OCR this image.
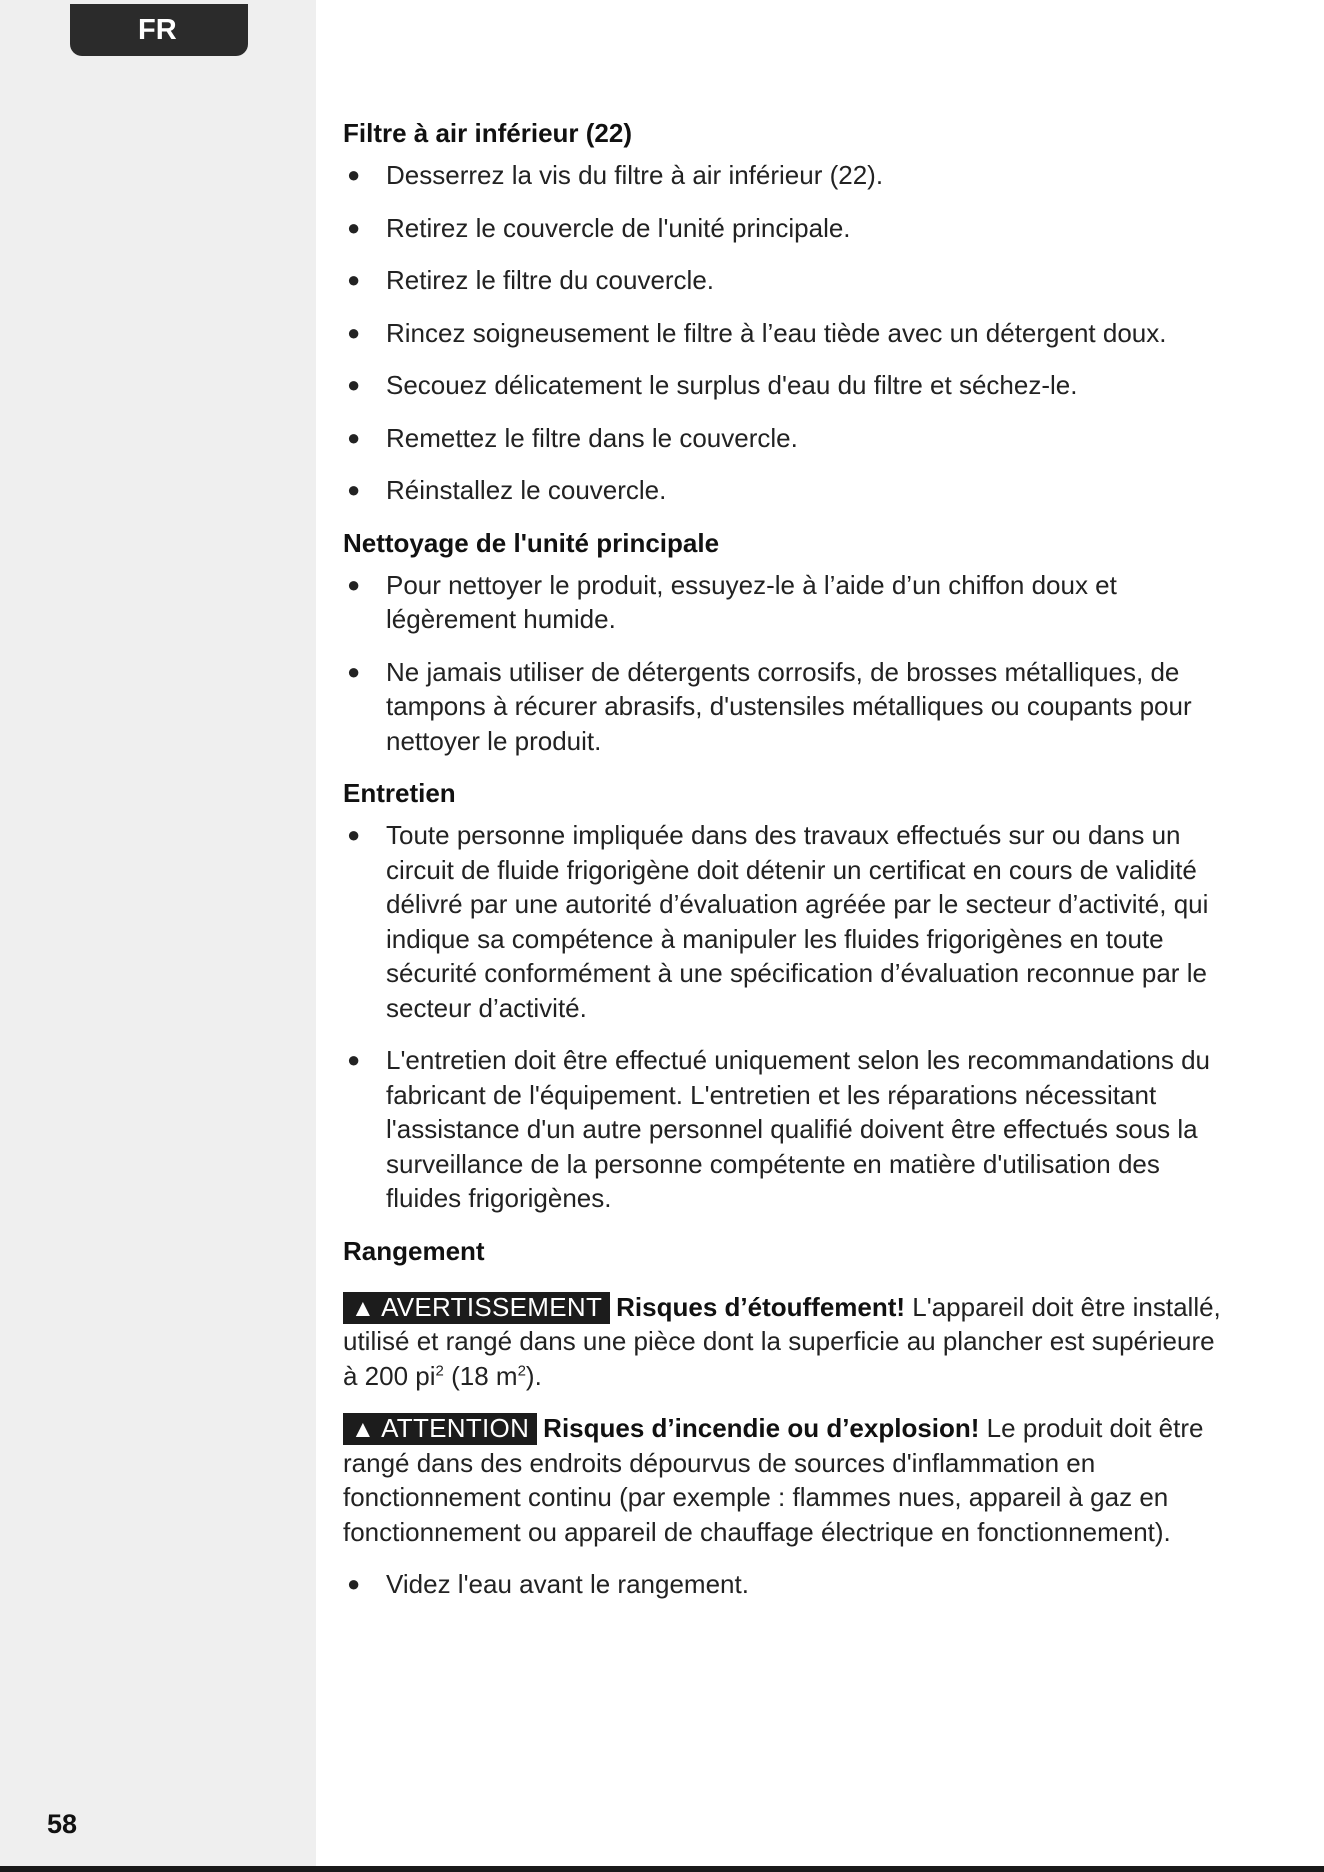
FR
58
Filtre à air inférieur (22)
● Desserrez la vis du filtre à air inférieur (22).
● Retirez le couvercle de l'unité principale.
● Retirez le filtre du couvercle.
● Rincez soigneusement le filtre à l’eau tiède avec un détergent doux.
● Secouez délicatement le surplus d'eau du filtre et séchez-le.
● Remettez le filtre dans le couvercle.
● Réinstallez le couvercle.
Nettoyage de l'unité principale
● Pour nettoyer le produit, essuyez-le à l’aide d’un chiffon doux et légèrement humide.
● Ne jamais utiliser de détergents corrosifs, de brosses métalliques, de tampons à récurer abrasifs, d'ustensiles métalliques ou coupants pour nettoyer le produit.
Entretien
● Toute personne impliquée dans des travaux effectués sur ou dans un circuit de fluide frigorigène doit détenir un certificat en cours de validité délivré par une autorité d’évaluation agréée par le secteur d’activité, qui indique sa compétence à manipuler les fluides frigorigènes en toute sécurité conformément à une spécification d’évaluation reconnue par le secteur d’activité.
● L'entretien doit être effectué uniquement selon les recommandations du fabricant de l'équipement. L'entretien et les réparations nécessitant l'assistance d'un autre personnel qualifié doivent être effectués sous la surveillance de la personne compétente en matière d'utilisation des fluides frigorigènes.
Rangement

▲ AVERTISSEMENT Risques d’étouffement! L'appareil doit être installé, utilisé et rangé dans une pièce dont la superficie au plancher est supérieure à 200 $pi^2$ (18 $m^2$).

▲ ATTENTION Risques d’incendie ou d’explosion! Le produit doit être rangé dans des endroits dépourvus de sources d'inflammation en fonctionnement continu (par exemple : flammes nues, appareil à gaz en fonctionnement ou appareil de chauffage électrique en fonctionnement).

● Videz l'eau avant le rangement.
